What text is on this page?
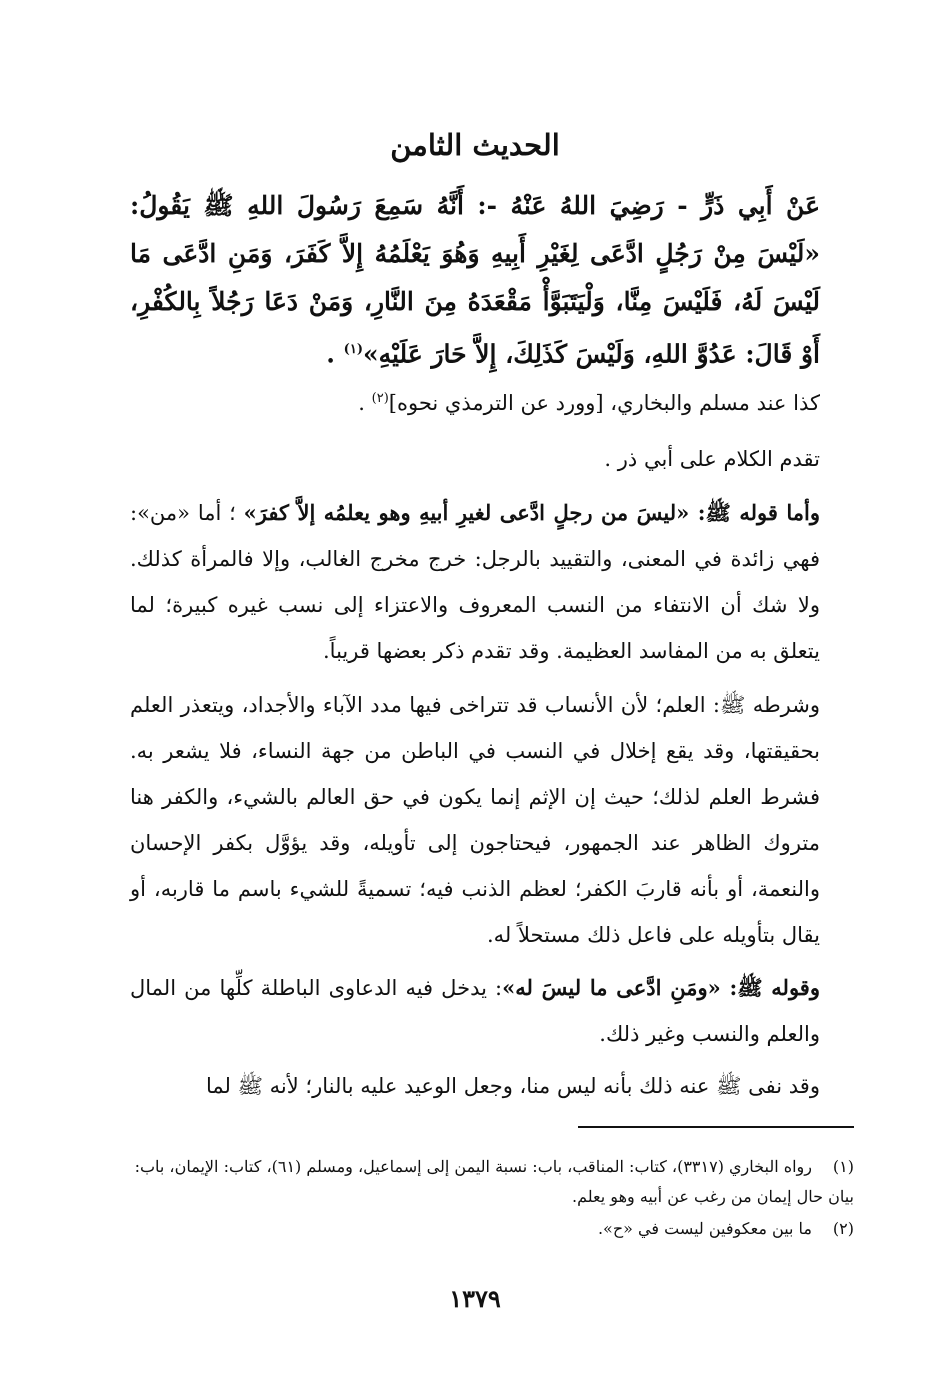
الحديث الثامن
عَنْ أَبِي ذَرٍّ - رَضِيَ اللهُ عَنْهُ -: أَنَّهُ سَمِعَ رَسُولَ اللهِ ﷺ يَقُولُ: «لَيْسَ مِنْ رَجُلٍ ادَّعَى لِغَيْرِ أَبِيهِ وَهُوَ يَعْلَمُهُ إِلاَّ كَفَرَ، وَمَنِ ادَّعَى مَا لَيْسَ لَهُ، فَلَيْسَ مِنَّا، وَلْيَتَبَوَّأْ مَقْعَدَهُ مِنَ النَّارِ، وَمَنْ دَعَا رَجُلاً بِالكُفْرِ، أَوْ قَالَ: عَدُوَّ اللهِ، وَلَيْسَ كَذَلِكَ، إِلاَّ حَارَ عَلَيْهِ»$^{(١)}$ .
كذا عند مسلم والبخاري، [وورد عن الترمذي نحوه]$^{(٢)}$ .
تقدم الكلام على أبي ذر .
وأما قوله ﷺ: «ليسَ من رجلٍ ادَّعى لغيرِ أبيهِ وهو يعلمُه إلاَّ كفرَ» ؛ أما «من»: فهي زائدة في المعنى، والتقييد بالرجل: خرج مخرج الغالب، وإلا فالمرأة كذلك. ولا شك أن الانتفاء من النسب المعروف والاعتزاء إلى نسب غيره كبيرة؛ لما يتعلق به من المفاسد العظيمة. وقد تقدم ذكر بعضها قريباً.
وشرطه ﷺ: العلم؛ لأن الأنساب قد تتراخى فيها مدد الآباء والأجداد، ويتعذر العلم بحقيقتها، وقد يقع إخلال في النسب في الباطن من جهة النساء، فلا يشعر به. فشرط العلم لذلك؛ حيث إن الإثم إنما يكون في حق العالم بالشيء، والكفر هنا متروك الظاهر عند الجمهور، فيحتاجون إلى تأويله، وقد يؤوَّل بكفر الإحسان والنعمة، أو بأنه قاربَ الكفر؛ لعظم الذنب فيه؛ تسميةً للشيء باسم ما قاربه، أو يقال بتأويله على فاعل ذلك مستحلاً له.
وقوله ﷺ: «ومَنِ ادَّعى ما ليسَ له»: يدخل فيه الدعاوى الباطلة كلِّها من المال والعلم والنسب وغير ذلك.
وقد نفى ﷺ عنه ذلك بأنه ليس منا، وجعل الوعيد عليه بالنار؛ لأنه ﷺ لما
(١)رواه البخاري (٣٣١٧)، كتاب: المناقب، باب: نسبة اليمن إلى إسماعيل، ومسلم (٦١)، كتاب: الإيمان، باب: بيان حال إيمان من رغب عن أبيه وهو يعلم.
(٢)ما بين معكوفين ليست في «ح».
١٣٧٩
